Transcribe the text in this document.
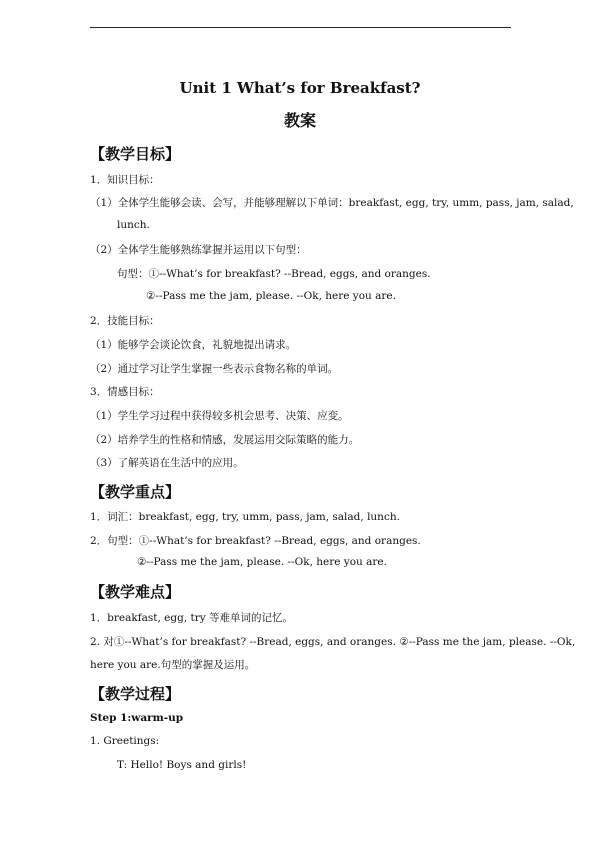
Unit 1 What’s for Breakfast?
教案
【教学目标】
1．知识目标：
（1）全体学生能够会读、会写，并能够理解以下单词：breakfast, egg, try, umm, pass, jam, salad,
lunch.
（2）全体学生能够熟练掌握并运用以下句型：
句型：①--What’s for breakfast? --Bread, eggs, and oranges.
②--Pass me the jam, please. --Ok, here you are.
2．技能目标：
（1）能够学会谈论饮食，礼貌地提出请求。
（2）通过学习让学生掌握一些表示食物名称的单词。
3．情感目标：
（1）学生学习过程中获得较多机会思考、决策、应变。
（2）培养学生的性格和情感，发展运用交际策略的能力。
（3）了解英语在生活中的应用。
【教学重点】
1．词汇：breakfast, egg, try, umm, pass, jam, salad, lunch.
2．句型：①--What’s for breakfast? --Bread, eggs, and oranges.
②--Pass me the jam, please. --Ok, here you are.
【教学难点】
1．breakfast, egg, try 等难单词的记忆。
2. 对①--What’s for breakfast? --Bread, eggs, and oranges. ②--Pass me the jam, please. --Ok,
here you are.句型的掌握及运用。
【教学过程】
Step 1:warm-up
1. Greetings:
T: Hello! Boys and girls!
